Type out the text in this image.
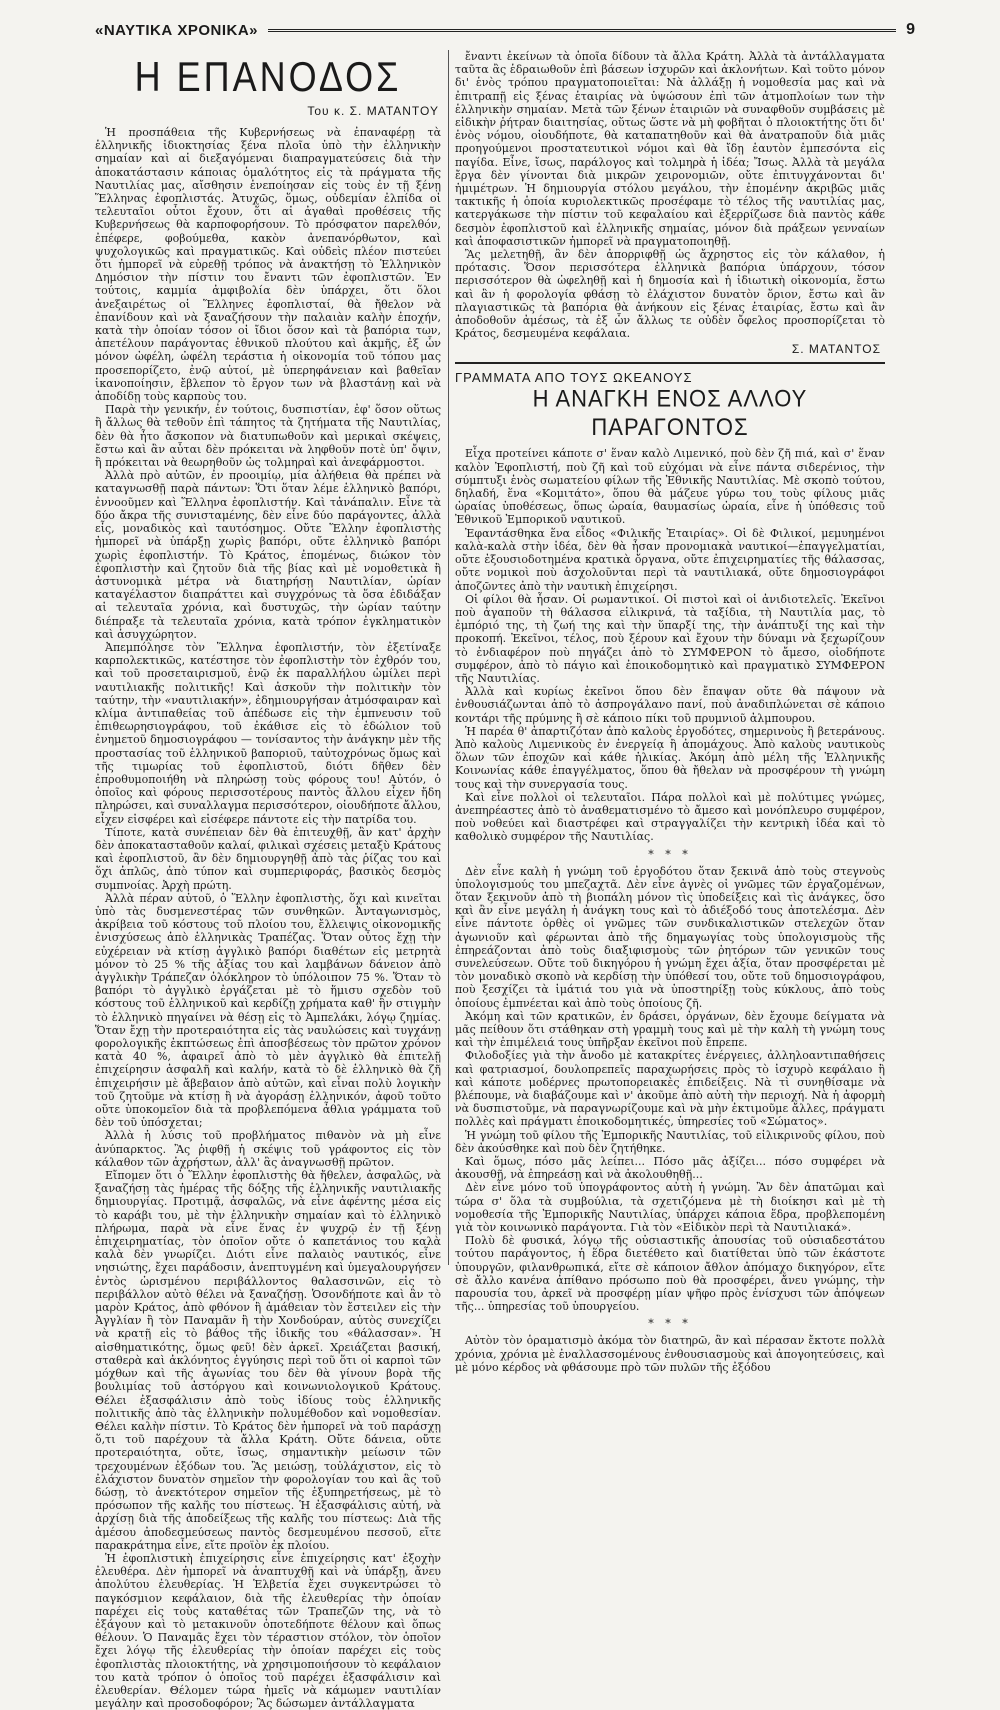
«ΝΑΥΤΙΚΑ ΧΡΟΝΙΚΑ»	9
Η ΕΠΑΝΟΔΟΣ
Του κ. Σ. ΜΑΤΑΝΤΟΥ

Ἡ προσπάθεια τῆς Κυβερνήσεως νὰ ἐπαναφέρῃ τὰ ἑλληνικῆς ἰδιοκτησίας ξένα πλοῖα ὑπὸ τὴν ἑλληνικὴν σημαίαν καὶ αἱ διεξαγόμεναι διαπραγματεύσεις διὰ τὴν ἀποκατάστασιν κάποιας ὁμαλότητος εἰς τὰ πράγματα τῆς Ναυτιλίας μας, αἴσθησιν ἐνεποίησαν εἰς τοὺς ἐν τῇ ξένῃ Ἕλληνας ἐφοπλιστάς. Ἀτυχῶς, ὅμως, οὐδεμίαν ἐλπίδα οἱ τελευταῖοι οὗτοι ἔχουν, ὅτι αἱ ἀγαθαὶ προθέσεις τῆς Κυβερνήσεως θὰ καρποφορήσουν. Τὸ πρόσφατον παρελθόν, ἐπέφερε, φοβούμεθα, κακὸν ἀνεπανόρθωτον, καὶ ψυχολογικῶς καὶ πραγματικῶς. Καὶ οὐδεὶς πλέον πιστεύει ὅτι ἠμπορεῖ νὰ εὑρεθῇ τρόπος νὰ ἀνακτήσῃ τὸ Ἑλληνικὸν Δημόσιον τὴν πίστιν του ἔναντι τῶν ἐφοπλιστῶν. Ἐν τούτοις, καμμία ἀμφιβολία δὲν ὑπάρχει, ὅτι ὅλοι ἀνεξαιρέτως οἱ Ἕλληνες ἐφοπλισταί, θὰ ἤθελον νὰ ἐπανίδουν καὶ νὰ ξαναζήσουν τὴν παλαιὰν καλὴν ἐποχήν, κατὰ τὴν ὁποίαν τόσον οἱ ἴδιοι ὅσον καὶ τὰ βαπόρια των, ἀπετέλουν παράγοντας ἐθνικοῦ πλούτου καὶ ἀκμῆς, ἐξ ὧν μόνον ὠφέλη, ὠφέλη τεράστια ἡ οἰκονομία τοῦ τόπου μας προσεπορίζετο, ἐνῷ αὐτοί, μὲ ὑπερηφάνειαν καὶ βαθεῖαν ἱκανοποίησιν, ἔβλεπον τὸ ἔργον των νὰ βλαστάνῃ καὶ νὰ ἀποδίδῃ τοὺς καρποὺς του.

Παρὰ τὴν γενικήν, ἐν τούτοις, δυσπιστίαν, ἐφ' ὅσον οὕτως ἢ ἄλλως θὰ τεθοῦν ἐπὶ τάπητος τὰ ζητήματα τῆς Ναυτιλίας, δὲν θὰ ἦτο ἄσκοπον νὰ διατυπωθοῦν καὶ μερικαὶ σκέψεις, ἔστω καὶ ἂν αὗται δὲν πρόκειται νὰ ληφθοῦν ποτὲ ὑπ' ὄψιν, ἢ πρόκειται νὰ θεωρηθοῦν ὡς τολμηραὶ καὶ ἀνεφάρμοστοι.

Ἀλλὰ πρὸ αὐτῶν, ἐν προοιμίῳ, μία ἀλήθεια θὰ πρέπει νὰ καταγνωσθῇ παρὰ πάντων: Ὅτι ὅταν λέμε ἑλληνικὸ βαπόρι, ἐννοοῦμεν καὶ Ἕλληνα ἐφοπλιστήν. Καὶ τἀνάπαλιν. Εἶνε τὰ δύο ἄκρα τῆς συνισταμένης, δὲν εἶνε δύο παράγοντες, ἀλλὰ εἷς, μοναδικὸς καὶ ταυτόσημος. Οὔτε Ἕλλην ἐφοπλιστὴς ἠμπορεῖ νὰ ὑπάρξῃ χωρὶς βαπόρι, οὔτε ἑλληνικὸ βαπόρι χωρὶς ἐφοπλιστήν. Τὸ Κράτος, ἐπομένως, διώκον τὸν ἐφοπλιστὴν καὶ ζητοῦν διὰ τῆς βίας καὶ μὲ νομοθετικὰ ἢ ἀστυνομικὰ μέτρα νὰ διατηρήσῃ Ναυτιλίαν, ὡρίαν καταγέλαστον διαπράττει καὶ συγχρόνως τὰ ὅσα ἐδιδάξαν αἱ τελευταῖα χρόνια, καὶ δυστυχῶς, τὴν ὡρίαν ταύτην διέπραξε τὰ τελευταῖα χρόνια, κατὰ τρόπον ἐγκληματικὸν καὶ ἀσυγχώρητον.

Ἀπεμπόλησε τὸν Ἕλληνα ἐφοπλιστήν, τὸν ἐξετίναξε καρπολεκτικῶς, κατέστησε τὸν ἐφοπλιστὴν τὸν ἐχθρόν του, καὶ τοῦ προσεταιρισμοῦ, ἐνῷ ἐκ παραλλήλου ὡμίλει περὶ ναυτιλιακῆς πολιτικῆς! Καὶ ἀσκοῦν τὴν πολιτικὴν τὸν ταύτην, τὴν «ναυτιλιακήν», ἐδημιουργήσαν ἀτμόσφαιραν καὶ κλίμα ἀντιπαθείας τοῦ ἀπέδωσε εἰς τὴν ἐμπνευσιν τοῦ ἐπιθεωρησιογράφου, τοῦ ἐκάθισε εἰς τὸ ἑδώλιον τοῦ ἐνημετοῦ δημοσιογράφου — τονίσαντος τὴν ἀνάγκην μὲν τῆς προστασίας τοῦ ἑλληνικοῦ βαποριοῦ, ταὐτοχρόνως ὅμως καὶ τῆς τιμωρίας τοῦ ἐφοπλιστοῦ, διότι δῆθεν δὲν ἐπροθυμοποιήθη νὰ πληρώσῃ τοὺς φόρους του! Αὐτόν, ὁ ὁποῖος καὶ φόρους περισσοτέρους παντὸς ἄλλου εἶχεν ἤδη πληρώσει, καὶ συναλλαγμα περισσότερον, οἰουδήποτε ἄλλου, εἶχεν εἰσφέρει καὶ εἰσέφερε πάντοτε εἰς τὴν πατρίδα του.

Τίποτε, κατὰ συνέπειαν δὲν θὰ ἐπιτευχθῇ, ἂν κατ' ἀρχὴν δὲν ἀποκατασταθοῦν καλαί, φιλικαὶ σχέσεις μεταξὺ Κράτους καὶ ἐφοπλιστοῦ, ἂν δὲν δημιουργηθῇ ἀπὸ τὰς ῥίζας του καὶ ὅχι ἁπλῶς, ἀπὸ τύπον καὶ συμπεριφοράς, βασικὸς δεσμὸς συμπνοίας. Ἀρχὴ πρώτη.

Ἀλλὰ πέραν αὐτοῦ, ὁ Ἕλλην ἐφοπλιστὴς, ὅχι καὶ κινεῖται ὑπὸ τὰς δυσμενεστέρας τῶν συνθηκῶν. Ἀνταγωνισμὸς, ἀκρίβεια τοῦ κόστους τοῦ πλοίου του, ἔλλειψις οἰκονομικῆς ἐνισχύσεως ἀπὸ ἑλληνικὰς Τραπέζας. Ὅταν οὗτος ἔχῃ τὴν εὐχέρειαν νὰ κτίσῃ ἀγγλικὸ βαπόρι διαθέτων εἰς μετρητὰ μόνον τὸ 25 % τῆς ἀξίας του καὶ λαμβάνων δάνειον ἀπὸ ἀγγλικὴν Τράπεζαν ὁλόκληρον τὸ ὑπόλοιπον 75 %. Ὅταν τὸ βαπόρι τὸ ἀγγλικὸ ἐργάζεται μὲ τὸ ἥμισυ σχεδὸν τοῦ κόστους τοῦ ἑλληνικοῦ καὶ κερδίζῃ χρήματα καθ' ἣν στιγμὴν τὸ ἑλληνικὸ πηγαίνει νὰ θέσῃ εἰς τὸ Ἀμπελάκι, λόγῳ ζημίας. Ὅταν ἔχῃ τὴν προτεραιότητα εἰς τὰς ναυλώσεις καὶ τυγχάνῃ φορολογικῆς ἐκπτώσεως ἐπὶ ἀποσβέσεως τὸν πρῶτον χρόνον κατὰ 40 %, ἀφαιρεῖ ἀπὸ τὸ μὲν ἀγγλικὸ θὰ ἐπιτελῇ ἐπιχείρησιν ἀσφαλῆ καὶ καλήν, κατὰ τὸ δὲ ἑλληνικὸ θὰ ζῆ ἐπιχειρήσιν μὲ ἄβεβαιον ἀπὸ αὐτῶν, καὶ εἶναι πολὺ λογικὴν τοῦ ζητοῦμε νὰ κτίσῃ ἢ νὰ ἀγοράσῃ ἑλληνικόν, ἀφοῦ τοῦτο οὔτε ὑποκομεῖον διὰ τὰ προβλεπόμενα ἆθλια γράμματα τοῦ δὲν τοῦ ὑπόσχεται;

Ἀλλὰ ἡ λύσις τοῦ προβλήματος πιθανὸν νὰ μὴ εἶνε ἀνύπαρκτος. Ἂς ῥιφθῇ ἡ σκέψις τοῦ γράφοντος εἰς τὸν κάλαθον τῶν ἀχρήστων, ἀλλ' ἃς ἀναγνωσθῇ πρῶτον.

Εἴπομεν ὅτι ὁ Ἕλλην ἐφοπλιστὴς θὰ ἤθελεν, ἀσφαλῶς, νὰ ξαναζήσῃ τὰς ἡμέρας τῆς δόξης τῆς ἑλληνικῆς ναυτιλιακῆς δημιουργίας. Προτιμᾷ, ἀσφαλῶς, νὰ εἶνε ἀφέντης μέσα εἰς τὸ καράβι του, μὲ τὴν ἑλληνικὴν σημαίαν καὶ τὸ ἑλληνικὸ πλήρωμα, παρὰ νὰ εἶνε ἕνας ἐν ψυχρῷ ἐν τῇ ξένῃ ἐπιχειρηματίας, τὸν ὁποῖον οὔτε ὁ καπετάνιος του καλὰ καλὰ δὲν γνωρίζει. Διότι εἶνε παλαιὸς ναυτικός, εἶνε νησιώτης, ἔχει παράδοσιν, ἀνεπτυγμένη καὶ ὑμεγαλουργήσεν ἐντὸς ὡρισμένου περιβάλλοντος θαλασσινῶν, εἰς τὸ περιβάλλον αὐτὸ θέλει νὰ ξαναζήσῃ. Ὁσονδήποτε καὶ ἂν τὸ μαρὸν Κράτος, ἀπὸ φθόνον ἢ ἀμάθειαν τὸν ἔστειλεν εἰς τὴν Ἀγγλίαν ἢ τὸν Παναμᾶν ἢ τὴν Χονδούραν, αὐτὸς συνεχίζει νὰ κρατῇ εἰς τὸ βάθος τῆς ἰδικῆς του «θάλασσαν». Ἡ αἰσθηματικότης, ὅμως φεῦ! δὲν ἀρκεῖ. Χρειάζεται βασική, σταθερὰ καὶ ἀκλόνητος ἐγγύησις περὶ τοῦ ὅτι οἱ καρποὶ τῶν μόχθων καὶ τῆς ἀγωνίας του δὲν θὰ γίνουν βορὰ τῆς βουλιμίας τοῦ ἀστόργου καὶ κοινωνιολογικοῦ Κράτους. Θέλει ἐξασφάλισιν ἀπὸ τοὺς ἰδίους τοὺς ἑλληνικῆς πολιτικῆς ἀπὸ τὰς ἑλληνικὴν πολυμέθοδον καὶ νομοθεσίαν. Θέλει καλὴν πίστιν. Τὸ Κράτος δὲν ἠμπορεῖ νὰ τοῦ παράσχῃ ὅ,τι τοῦ παρέχουν τὰ ἄλλα Κράτη. Οὔτε δάνεια, οὔτε προτεραιότητα, οὔτε, ἴσως, σημαντικὴν μείωσιν τῶν τρεχουμένων ἐξόδων του. Ἂς μειώσῃ, τοὐλάχιστον, εἰς τὸ ἐλάχιστον δυνατὸν σημεῖον τὴν φορολογίαν του καὶ ἃς τοῦ δώσῃ, τὸ ἀνεκτότερον σημεῖον τῆς ἐξυπηρετήσεως, μὲ τὸ πρόσωπον τῆς καλῆς του πίστεως. Ἡ ἐξασφάλισις αὐτή, νὰ ἀρχίσῃ διὰ τῆς ἀποδείξεως τῆς καλῆς του πίστεως: Διὰ τῆς ἀμέσου ἀποδεσμεύσεως παντὸς δεσμευμένου πεσσοῦ, εἴτε παρακράτημα εἶνε, εἴτε προϊὸν ἐκ πλοίου.

Ἡ ἐφοπλιστικὴ ἐπιχείρησις εἶνε ἐπιχείρησις κατ' ἐξοχὴν ἐλευθέρα. Δὲν ἠμπορεῖ νὰ ἀναπτυχθῇ καὶ νὰ ὑπάρξῃ, ἄνευ ἀπολύτου ἐλευθερίας. Ἡ Ἑλβετία ἔχει συγκεντρώσει τὸ παγκόσμιον κεφάλαιον, διὰ τῆς ἐλευθερίας τὴν ὁποίαν παρέχει εἰς τοὺς καταθέτας τῶν Τραπεζῶν της, νὰ τὸ ἐξάγουν καὶ τὸ μετακινοῦν ὁποτεδήποτε θέλουν καὶ ὅπως θέλουν. Ὁ Παναμᾶς ἔχει τὸν τέραστιον στόλον, τὸν ὁποῖον ἔχει λόγῳ τῆς ἐλευθερίας τὴν ὁποίαν παρέχει εἰς τοὺς ἐφοπλιστὰς πλοιοκτήτης, νὰ χρησιμοποιήσουν τὸ κεφάλαιον του κατὰ τρόπον ὁ ὁποῖος τοῦ παρέχει ἐξασφάλισιν καὶ ἐλευθερίαν. Θέλομεν τώρα ἡμεῖς νὰ κάμωμεν ναυτιλίαν μεγάλην καὶ προσοδοφόρον; Ἂς δώσωμεν ἀντάλλαγματα

ἔναντι ἐκείνων τὰ ὁποῖα δίδουν τὰ ἄλλα Κράτη. Ἀλλὰ τὰ ἀντάλλαγματα ταῦτα ἂς ἑδραιωθοῦν ἐπὶ βάσεων ἰσχυρῶν καὶ ἀκλονήτων. Καὶ τοῦτο μόνον δι' ἑνὸς τρόπου πραγματοποιεῖται: Νὰ ἀλλάξῃ ἡ νομοθεσία μας καὶ νὰ ἐπιτραπῇ εἰς ξένας ἑταιρίας νὰ ὑψώσουν ἐπὶ τῶν ἀτμοπλοίων των τὴν ἑλληνικὴν σημαίαν. Μετὰ τῶν ξένων ἑταιριῶν νὰ συναφθοῦν συμβάσεις μὲ εἰδικὴν ῥήτραν διαιτησίας, οὕτως ὥστε νὰ μὴ φοβῆται ὁ πλοιοκτήτης ὅτι δι' ἑνὸς νόμου, οἱουδήποτε, θὰ καταπατηθοῦν καὶ θὰ ἀνατραποῦν διὰ μιᾶς προηγούμενοι προστατευτικοὶ νόμοι καὶ θὰ ἴδῃ ἑαυτὸν ἐμπεσόντα εἰς παγίδα. Εἶνε, ἴσως, παράλογος καὶ τολμηρὰ ἡ ἰδέα; Ἴσως. Ἀλλὰ τὰ μεγάλα ἔργα δὲν γίνονται διὰ μικρῶν χειρονομιῶν, οὔτε ἐπιτυγχάνονται δι' ἡμιμέτρων. Ἡ δημιουργία στόλου μεγάλου, τὴν ἐπομένην ἀκριβῶς μιᾶς τακτικῆς ἡ ὁποία κυριολεκτικῶς προσέφαμε τὸ τέλος τῆς ναυτιλίας μας, κατεργάκωσε τὴν πίστιν τοῦ κεφαλαίου καὶ ἐξερρίζωσε διὰ παντὸς κάθε δεσμὸν ἐφοπλιστοῦ καὶ ἑλληνικῆς σημαίας, μόνον διὰ πράξεων γενναίων καὶ ἀποφασιστικῶν ἠμπορεῖ νὰ πραγματοποιηθῇ.

Ἂς μελετηθῇ, ἂν δὲν ἀπορριφθῇ ὡς ἄχρηστος εἰς τὸν κάλαθον, ἡ πρότασις. Ὅσον περισσότερα ἑλληνικὰ βαπόρια ὑπάρχουν, τόσον περισσότερον θὰ ὠφεληθῇ καὶ ἡ δημοσία καὶ ἡ ἰδιωτικὴ οἰκονομία, ἔστω καὶ ἂν ἡ φορολογία φθάσῃ τὸ ἐλάχιστον δυνατὸν ὅριον, ἔστω καὶ ἂν πλαγιαστικῶς τὰ βαπόρια θὰ ἀνήκουν εἰς ξένας ἑταιρίας, ἔστω καὶ ἂν ἀποδοθοῦν ἀμέσως, τὰ ἐξ ὧν ἄλλως τε οὐδὲν ὄφελος προσπορίζεται τὸ Κράτος, δεσμευμένα κεφάλαια.

Σ. ΜΑΤΑΝΤΟΣ
ΓΡΑΜΜΑΤΑ ΑΠΟ ΤΟΥΣ ΩΚΕΑΝΟΥΣ
Η ΑΝΑΓΚΗ ΕΝΟΣ ΑΛΛΟΥ ΠΑΡΑΓΟΝΤΟΣ

Εἶχα προτείνει κάποτε σ' ἕναν καλὸ Λιμενικό, ποὺ δὲν ζῆ πιά, καὶ σ' ἕναν καλὸν Ἐφοπλιστή, ποὺ ζῆ καὶ τοῦ εὐχόμαι νὰ εἶνε πάντα σιδερένιος, τὴν σύμπτυξι ἑνὸς σωματείου φίλων τῆς Ἐθνικῆς Ναυτιλίας. Μὲ σκοπὸ τούτου, δηλαδή, ἕνα «Κομιτάτο», ὅπου θὰ μάζευε γύρω του τοὺς φίλους μιᾶς ὡραίας ὑποθέσεως, ὅπως ὡραία, θαυμασίως ὡραία, εἶνε ἡ ὑπόθεσις τοῦ Ἐθνικοῦ Ἐμπορικοῦ ναυτικοῦ.

Ἐφαντάσθηκα ἕνα εἶδος «Φιλικῆς Ἑταιρίας». Οἱ δὲ Φιλικοί, μεμυημένοι καλὰ-καλὰ στὴν ἰδέα, δὲν θὰ ἦσαν προνομιακὰ ναυτικοί—ἐπαγγελματίαι, οὔτε ἐξουσιοδοτημένα κρατικὰ ὄργανα, οὔτε ἐπιχειρηματίες τῆς θάλασσας, οὔτε νομικοὶ ποὺ ἀσχολοῦνται περὶ τὰ ναυτιλιακά, οὔτε δημοσιογράφοι ἀποζῶντες ἀπὸ τὴν ναυτικὴ ἐπιχείρησι.

Οἱ φίλοι θὰ ἦσαν. Οἱ ρωμαντικοί. Οἱ πιστοὶ καὶ οἱ ἀνιδιοτελεῖς. Ἐκεῖνοι ποὺ ἀγαποῦν τὴ θάλασσα εἰλικρινά, τὰ ταξίδια, τὴ Ναυτιλία μας, τὸ ἐμπόριό της, τὴ ζωή της καὶ τὴν ὕπαρξί της, τὴν ἀνάπτυξί της καὶ τὴν προκοπή. Ἐκεῖνοι, τέλος, ποὺ ξέρουν καὶ ἔχουν τὴν δύναμι νὰ ξεχωρίζουν τὸ ἐνδιαφέρον ποὺ πηγάζει ἀπὸ τὸ ΣΥΜΦΕΡΟΝ τὸ ἄμεσο, οἱοδήποτε συμφέρον, ἀπὸ τὸ πάγιο καὶ ἐποικοδομητικὸ καὶ πραγματικὸ ΣΥΜΦΕΡΟΝ τῆς Ναυτιλίας.

Ἀλλὰ καὶ κυρίως ἐκεῖνοι ὅπου δὲν ἔπαψαν οὔτε θὰ πάψουν νὰ ἐνθουσιάζωνται ἀπὸ τὸ ἀσπρογάλανο πανί, ποὺ ἀναδιπλώνεται σὲ κάποιο κοντάρι τῆς πρύμνης ἢ σὲ κάποιο πίκι τοῦ πρυμνιοῦ ἀλμπουρου.

Ἡ παρέα θ' ἀπαρτιζόταν ἀπὸ καλοὺς ἐργοδότες, σημερινοὺς ἢ βετεράνους. Ἀπὸ καλοὺς Λιμενικοὺς ἐν ἐνεργείᾳ ἢ ἀπομάχους. Ἀπὸ καλοὺς ναυτικοὺς ὅλων τῶν ἐποχῶν καὶ κάθε ἡλικίας. Ἀκόμη ἀπὸ μέλη τῆς Ἑλληνικῆς Κοινωνίας κάθε ἐπαγγέλματος, ὅπου θὰ ἤθελαν νὰ προσφέρουν τὴ γνώμη τους καὶ τὴν συνεργασία τους.

Καὶ εἶνε πολλοὶ οἱ τελευταῖοι. Πάρα πολλοὶ καὶ μὲ πολύτιμες γνώμες, ἀνεπηρέαστες ἀπὸ τὸ ἀναθεματισμένο τὸ ἄμεσο καὶ μονόπλευρο συμφέρον, ποὺ νοθεύει καὶ διαστρέφει καὶ στραγγαλίζει τὴν κεντρικὴ ἰδέα καὶ τὸ καθολικὸ συμφέρον τῆς Ναυτιλίας.

* * *

Δὲν εἶνε καλὴ ἡ γνώμη τοῦ ἐργοδότου ὅταν ξεκινᾶ ἀπὸ τοὺς στεγνοὺς ὑπολογισμούς του μπεζαχτᾶ. Δὲν εἶνε ἁγνὲς οἱ γνῶμες τῶν ἐργαζομένων, ὅταν ξεκινοῦν ἀπὸ τὴ βιοπάλη μόνον τὶς ὑποδείξεις καὶ τὶς ἀνάγκες, ὅσο καὶ ἂν εἶνε μεγάλη ἡ ἀνάγκη τους καὶ τὸ ἀδιέξοδό τους ἀποτελέσμα. Δὲν εἶνε πάντοτε ὀρθὲς οἱ γνῶμες τῶν συνδικαλιστικῶν στελεχῶν ὅταν ἀγωνιοῦν καὶ φέρωνται ἀπὸ τῆς δημαγωγίας τοὺς ὑπολογισμοὺς τῆς ἐπηρεάζονται ἀπὸ τοὺς διαξιφισμοὺς τῶν ῥητόρων τῶν γενικῶν τους συνελεύσεων. Οὔτε τοῦ δικηγόρου ἡ γνώμη ἔχει ἀξία, ὅταν προσφέρεται μὲ τὸν μοναδικὸ σκοπὸ νὰ κερδίσῃ τὴν ὑπόθεσί του, οὔτε τοῦ δημοσιογράφου, ποὺ ξεσχίζει τὰ ἱμάτιά του γιὰ νὰ ὑποστηρίξῃ τοὺς κύκλους, ἀπὸ τοὺς ὁποίους ἐμπνέεται καὶ ἀπὸ τοὺς ὁποίους ζῆ.

Ἀκόμη καὶ τῶν κρατικῶν, ἐν δράσει, ὀργάνων, δὲν ἔχουμε δείγματα νὰ μᾶς πείθουν ὅτι στάθηκαν στὴ γραμμὴ τους καὶ μὲ τὴν καλὴ τὴ γνώμη τους καὶ τὴν ἐπιμέλειά τους ὑπῆρξαν ἐκεῖνοι ποὺ ἔπρεπε.

Φιλοδοξίες γιὰ τὴν ἄνοδο μὲ κατακρίτες ἐνέργειες, ἀλληλοαντιπαθήσεις καὶ φατριασμοί, δουλοπρεπεῖς παραχωρήσεις πρὸς τὸ ἰσχυρὸ κεφάλαιο ἢ καὶ κάποτε μοδέρνες πρωτοπορειακὲς ἐπιδείξεις. Νὰ τὶ συνηθίσαμε νὰ βλέπουμε, νὰ διαβάζουμε καὶ ν' ἀκοῦμε ἀπὸ αὐτὴ τὴν περιοχή. Νὰ ἡ ἀφορμὴ νὰ δυσπιστοῦμε, νὰ παραγνωρίζουμε καὶ νὰ μὴν ἐκτιμοῦμε ἄλλες, πράγματι πολλὲς καὶ πράγματι ἐποικοδομητικές, ὑπηρεσίες τοῦ «Σώματος».

Ἡ γνώμη τοῦ φίλου τῆς Ἐμπορικῆς Ναυτιλίας, τοῦ εἰλικρινοῦς φίλου, ποὺ δὲν ἀκούσθηκε καὶ ποὺ δὲν ζητήθηκε.

Καὶ ὅμως, πόσο μᾶς λείπει... Πόσο μᾶς ἀξίζει... πόσο συμφέρει νὰ ἀκουσθῇ, νὰ ἐπηρεάσῃ καὶ νὰ ἀκολουθηθῇ...

Δὲν εἶνε μόνο τοῦ ὑπογράφοντος αὐτὴ ἡ γνώμη. Ἂν δὲν ἀπατῶμαι καὶ τώρα σ' ὅλα τὰ συμβούλια, τὰ σχετιζόμενα μὲ τὴ διοίκησι καὶ μὲ τὴ νομοθεσία τῆς Ἐμπορικῆς Ναυτιλίας, ὑπάρχει κάποια ἕδρα, προβλεπομένη γιὰ τὸν κοινωνικὸ παράγοντα. Γιὰ τὸν «Εἰδικὸν περὶ τὰ Ναυτιλιακά».

Πολὺ δὲ φυσικά, λόγῳ τῆς οὐσιαστικῆς ἀπουσίας τοῦ οὐσιαδεστάτου τούτου παράγοντος, ἡ ἕδρα διετέθετο καὶ διατίθεται ὑπὸ τῶν ἑκάστοτε ὑπουργῶν, φιλανθρωπικά, εἴτε σὲ κάποιον ἄθλον ἀπόμαχο δικηγόρον, εἴτε σὲ ἄλλο κανένα ἀπίθανο πρόσωπο ποὺ θὰ προσφέρει, ἄνευ γνώμης, τὴν παρουσία του, ἀρκεῖ νὰ προσφέρῃ μίαν ψῆφο πρὸς ἐνίσχυσι τῶν ἀπόψεων τῆς... ὑπηρεσίας τοῦ ὑπουργείου.

* * *

Αὐτὸν τὸν ὁραματισμὸ ἀκόμα τὸν διατηρῶ, ἂν καὶ πέρασαν ἔκτοτε πολλὰ χρόνια, χρόνια μὲ ἐναλλασσομένους ἐνθουσιασμοὺς καὶ ἀπογοητεύσεις, καὶ μὲ μόνο κέρδος νὰ φθάσουμε πρὸ τῶν πυλῶν τῆς ἐξόδου
